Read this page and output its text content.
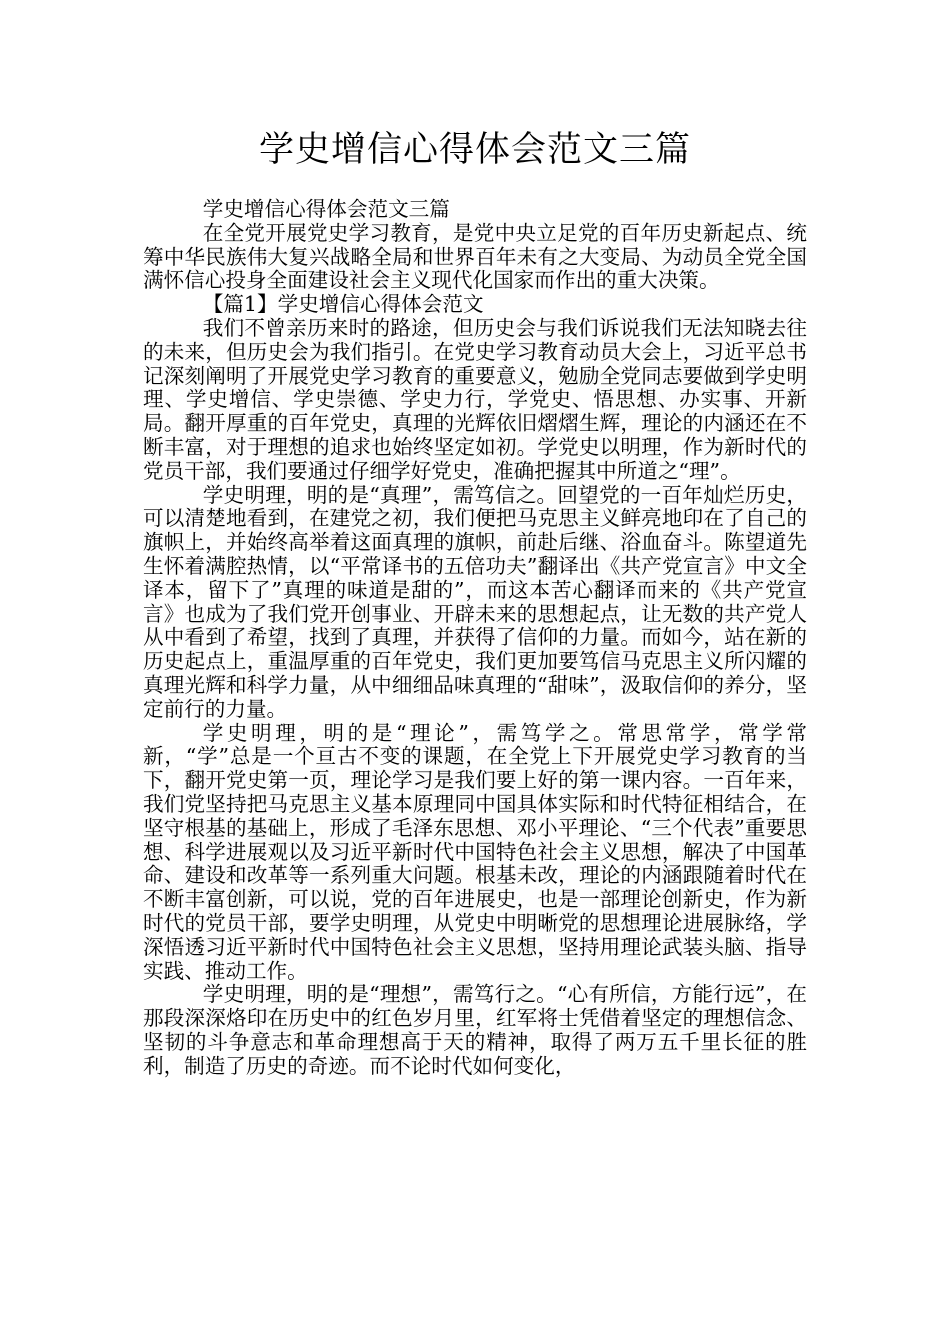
学史增信心得体会范文三篇

学史增信心得体会范文三篇

在全党开展党史学习教育，是党中央立足党的百年历史新起点、统筹中华民族伟大复兴战略全局和世界百年未有之大变局、为动员全党全国满怀信心投身全面建设社会主义现代化国家而作出的重大决策。

【篇1】学史增信心得体会范文

我们不曾亲历来时的路途，但历史会与我们诉说我们无法知晓去往的未来，但历史会为我们指引。在党史学习教育动员大会上，习近平总书记深刻阐明了开展党史学习教育的重要意义，勉励全党同志要做到学史明理、学史增信、学史崇德、学史力行，学党史、悟思想、办实事、开新局。翻开厚重的百年党史，真理的光辉依旧熠熠生辉，理论的内涵还在不断丰富，对于理想的追求也始终坚定如初。学党史以明理，作为新时代的党员干部，我们要通过仔细学好党史，准确把握其中所道之“理”。

学史明理，明的是“真理”，需笃信之。回望党的一百年灿烂历史，可以清楚地看到，在建党之初，我们便把马克思主义鲜亮地印在了自己的旗帜上，并始终高举着这面真理的旗帜，前赴后继、浴血奋斗。陈望道先生怀着满腔热情，以“平常译书的五倍功夫”翻译出《共产党宣言》中文全译本，留下了”真理的味道是甜的”，而这本苦心翻译而来的《共产党宣言》也成为了我们党开创事业、开辟未来的思想起点，让无数的共产党人从中看到了希望，找到了真理，并获得了信仰的力量。而如今，站在新的历史起点上，重温厚重的百年党史，我们更加要笃信马克思主义所闪耀的真理光辉和科学力量，从中细细品味真理的“甜味”，汲取信仰的养分，坚定前行的力量。

学史明理，明的是“理论”，需笃学之。常思常学，常学常新，“学”总是一个亘古不变的课题，在全党上下开展党史学习教育的当下，翻开党史第一页，理论学习是我们要上好的第一课内容。一百年来，我们党坚持把马克思主义基本原理同中国具体实际和时代特征相结合，在坚守根基的基础上，形成了毛泽东思想、邓小平理论、“三个代表”重要思想、科学进展观以及习近平新时代中国特色社会主义思想，解决了中国革命、建设和改革等一系列重大问题。根基未改，理论的内涵跟随着时代在不断丰富创新，可以说，党的百年进展史，也是一部理论创新史，作为新时代的党员干部，要学史明理，从党史中明晰党的思想理论进展脉络，学深悟透习近平新时代中国特色社会主义思想，坚持用理论武装头脑、指导实践、推动工作。

学史明理，明的是“理想”，需笃行之。“心有所信，方能行远”，在那段深深烙印在历史中的红色岁月里，红军将士凭借着坚定的理想信念、坚韧的斗争意志和革命理想高于天的精神，取得了两万五千里长征的胜利，制造了历史的奇迹。而不论时代如何变化，
